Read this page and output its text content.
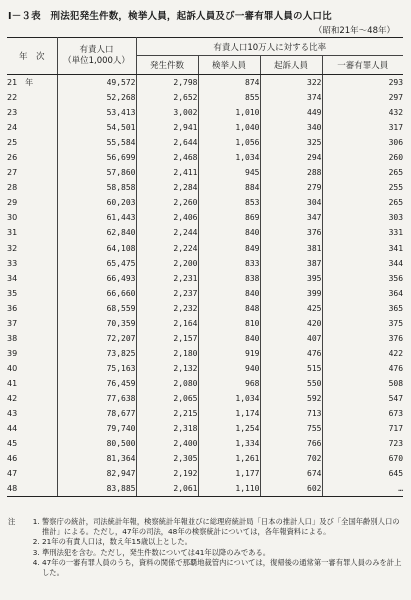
Ⅰ－３表　刑法犯発生件数，検挙人員，起訴人員及び一審有罪人員の人口比
（昭和21年～48年）
年　次	有責人口
（単位1,000人）	有責人口10万人に対する比率			
		発生件数	検挙人員	起訴人員	一審有罪人員
21　年	49,572	2,798	874	322	293
22	52,268	2,652	855	374	297
23	53,413	3,002	1,010	449	432
24	54,501	2,941	1,040	340	317
25	55,584	2,644	1,056	325	306
26	56,699	2,468	1,034	294	260
27	57,860	2,411	945	288	265
28	58,858	2,284	884	279	255
29	60,203	2,260	853	304	265
30	61,443	2,406	869	347	303
31	62,840	2,244	840	376	331
32	64,108	2,224	849	381	341
33	65,475	2,200	833	387	344
34	66,493	2,231	838	395	356
35	66,660	2,237	840	399	364
36	68,559	2,232	848	425	365
37	70,359	2,164	810	420	375
38	72,207	2,157	840	407	376
39	73,825	2,180	919	476	422
40	75,163	2,132	940	515	476
41	76,459	2,080	968	550	508
42	77,638	2,065	1,034	592	547
43	78,677	2,215	1,174	713	673
44	79,740	2,318	1,254	755	717
45	80,500	2,400	1,334	766	723
46	81,364	2,305	1,261	702	670
47	82,947	2,192	1,177	674	645
48	83,885	2,061	1,110	602	…
注	1. 警察庁の統計，司法統計年報，検察統計年報並びに総理府統計局「日本の推計人口」及び「全国年齢別人口の推計」による。ただし，47年の司法，48年の検察統計については，各年報資料による。
2. 21年の有責人口は，数え年15歳以上とした。
3. 準刑法犯を含む。ただし，発生件数については41年以降のみである。
4. 47年の一審有罪人員のうち，資料の関係で那覇地裁管内については，復帰後の通常第一審有罪人員のみを計上した。
